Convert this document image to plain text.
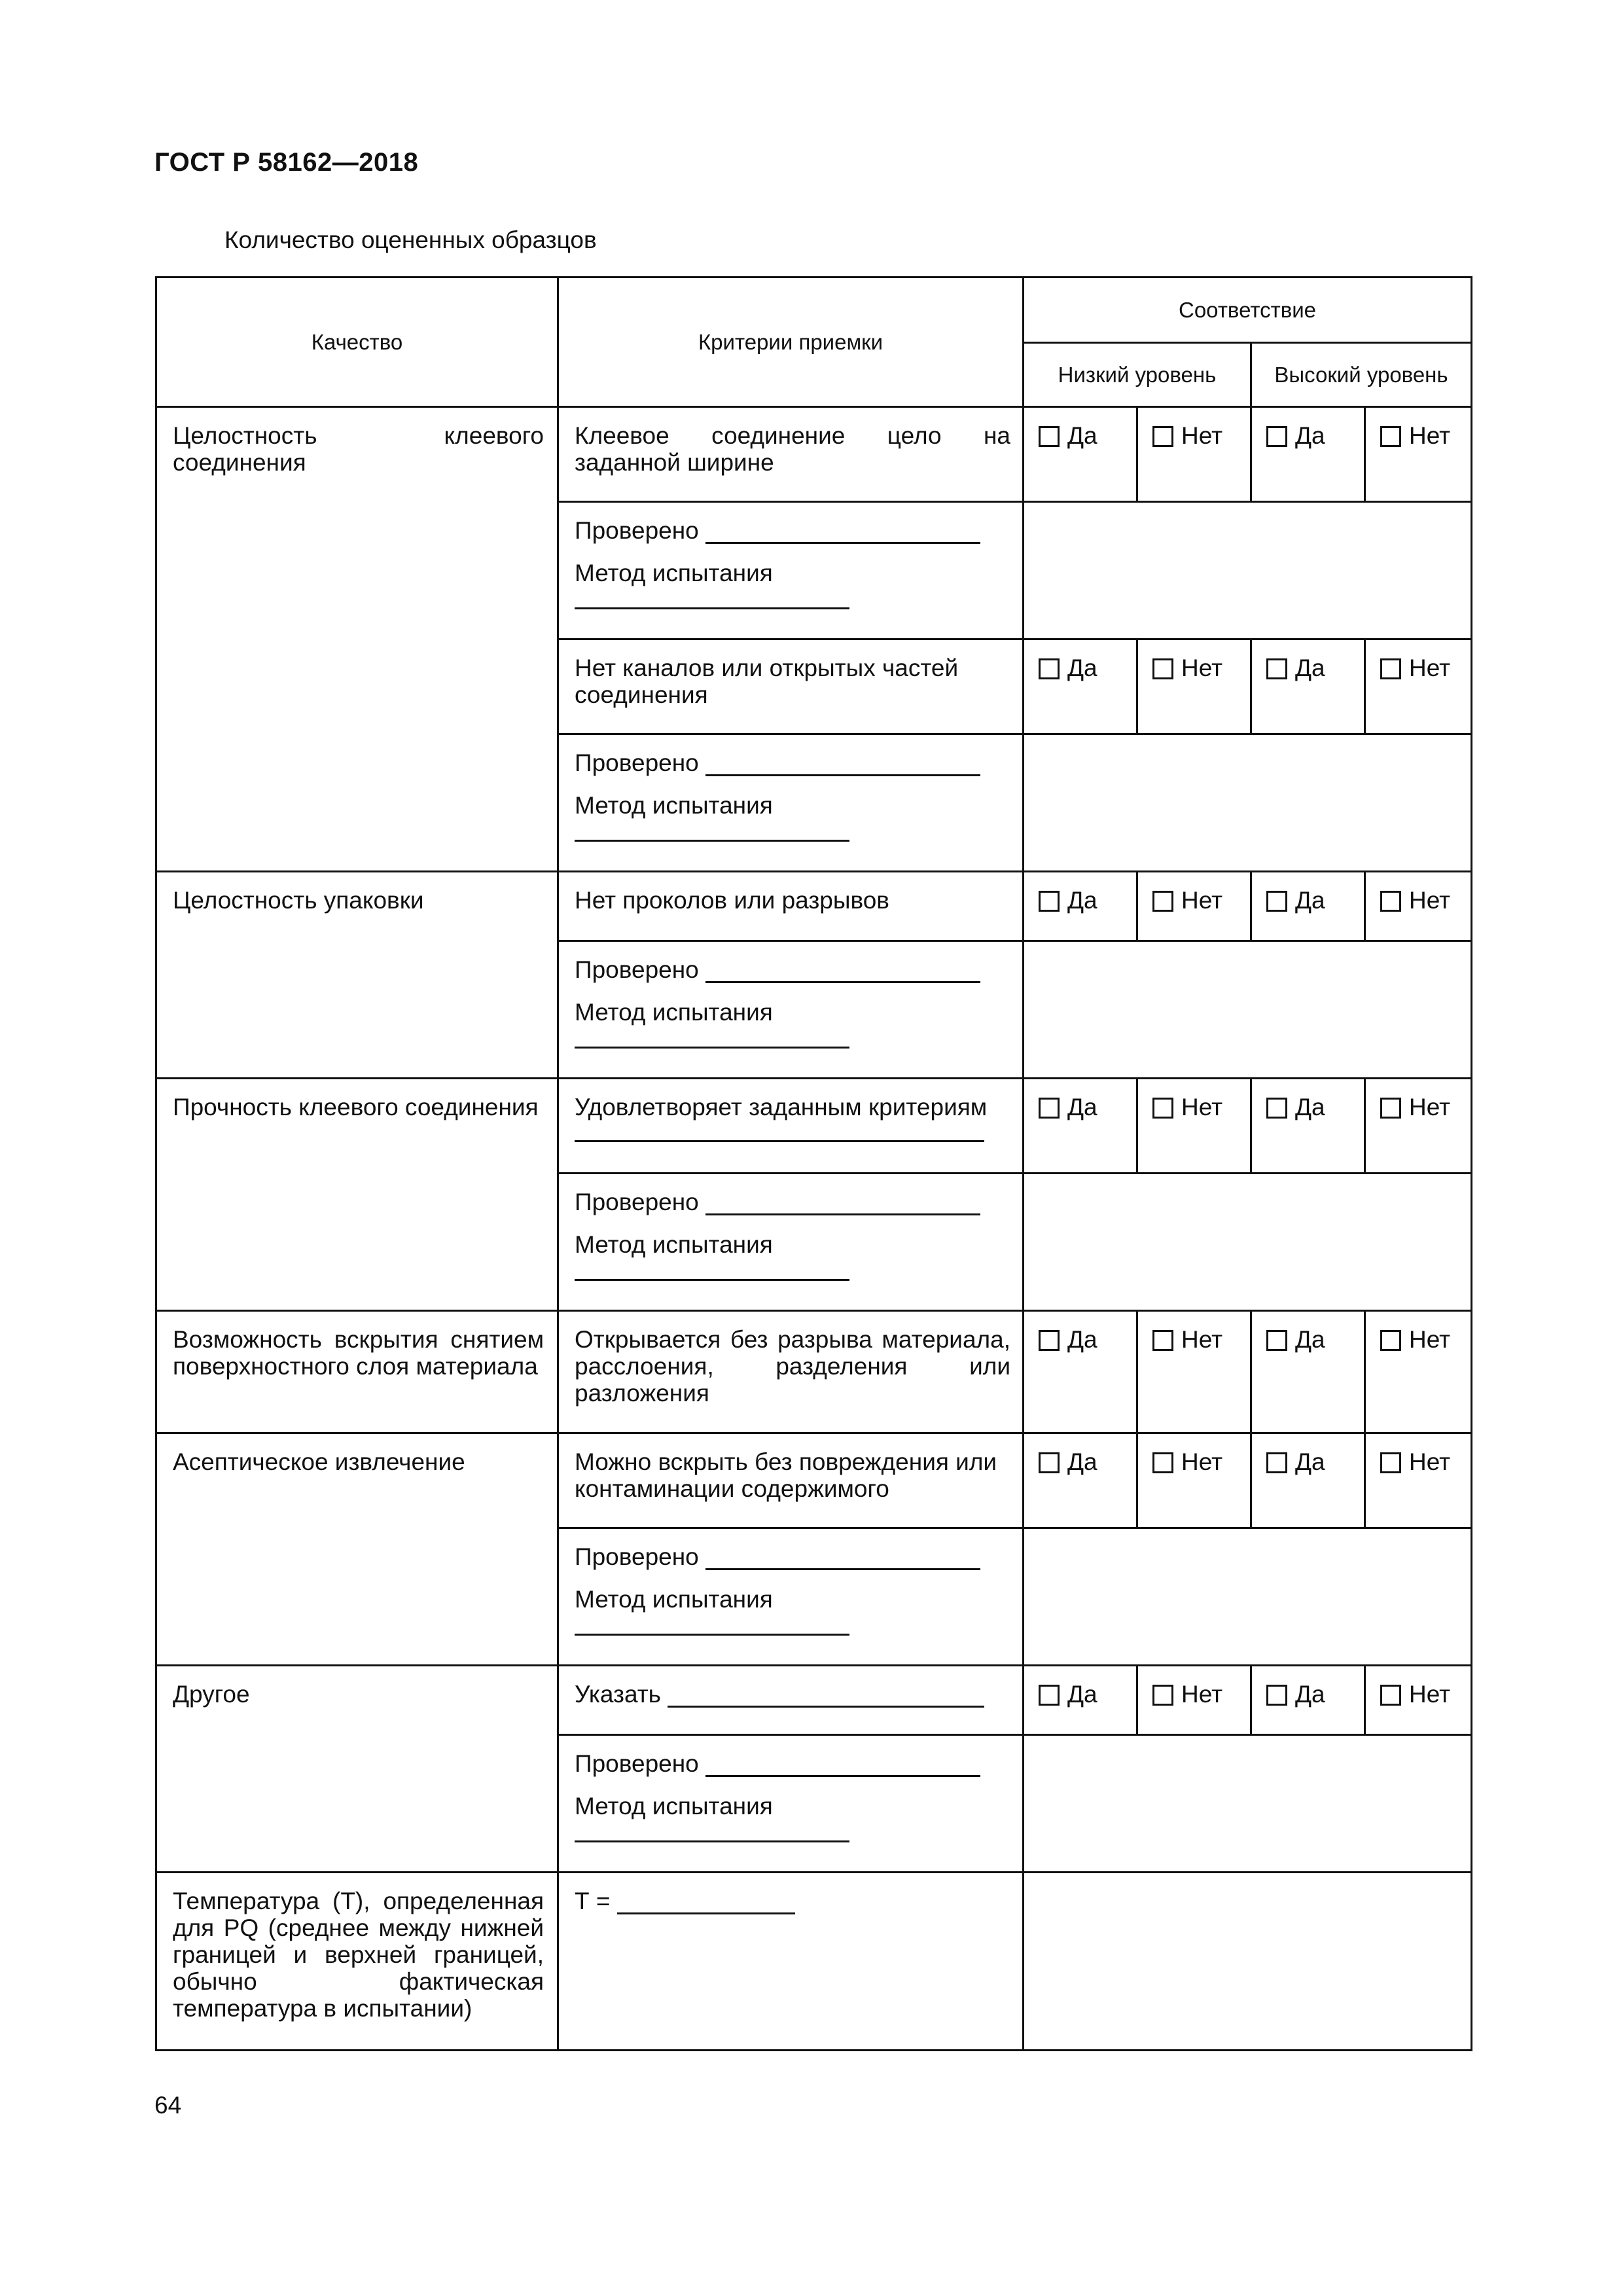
ГОСТ Р 58162—2018
Количество оцененных образцов
Качество	Критерии приемки	Соответствие			
		Низкий уровень		Высокий уровень	
Целостность клеевого соединения	Клеевое соединение цело на заданной ширине	Да	Нет	Да	Нет

	Проверено
Метод испытания				

	Нет каналов или открытых частей соединения	Да	Нет	Да	Нет

	Проверено
Метод испытания				

Целостность упаковки	Нет проколов или разрывов	Да	Нет	Да	Нет

	Проверено
Метод испытания				

Прочность клеевого соединения	Удовлетворяет заданным критериям	Да	Нет	Да	Нет

	Проверено
Метод испытания				

Возможность вскрытия снятием поверхностного слоя материала	Открывается без разрыва материала, расслоения, разделения или разложения	Да	Нет	Да	Нет
Асептическое извлечение	Можно вскрыть без повреждения или контаминации содержимого	Да	Нет	Да	Нет

	Проверено
Метод испытания				

Другое	Указать	Да	Нет	Да	Нет

	Проверено
Метод испытания				

Температура (Т), определенная для PQ (среднее между нижней границей и верхней границей, обычно фактическая температура в испытании)	Т =				
64
